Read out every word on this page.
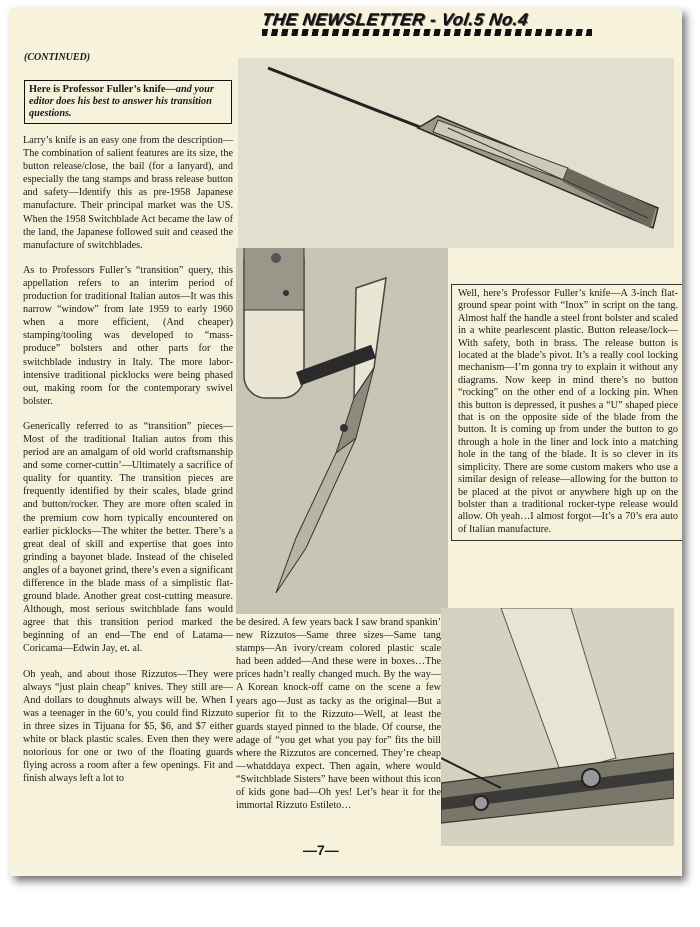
THE NEWSLETTER - Vol.5 No.4
(CONTINUED)
Here is Professor Fuller’s knife—and your editor does his best to answer his transition questions.

Larry’s knife is an easy one from the description—The combination of salient features are its size, the button release/close, the bail (for a lanyard), and especially the tang stamps and brass release button and safety—Identify this as pre-1958 Japanese manufacture. Their principal market was the US. When the 1958 Switchblade Act became the law of the land, the Japanese followed suit and ceased the manufacture of switchblades.

As to Professors Fuller’s “transition” query, this appellation refers to an interim period of production for traditional Italian autos—It was this narrow “window” from late 1959 to early 1960 when a more efficient, (And cheaper) stamping/tooling was developed to “mass-produce” bolsters and other parts for the switchblade industry in Italy. The more labor-intensive traditional picklocks were being phased out, making room for the contemporary swivel bolster.

Generically referred to as “transition” pieces—Most of the traditional Italian autos from this period are an amalgam of old world craftsmanship and some corner-cuttin’—Ultimately a sacrifice of quality for quantity. The transition pieces are frequently identified by their scales, blade grind and button/rocker. They are more often scaled in the premium cow horn typically encountered on earlier picklocks—The whiter the better. There’s a great deal of skill and expertise that goes into grinding a bayonet blade. Instead of the chiseled angles of a bayonet grind, there’s even a significant difference in the blade mass of a simplistic flat-ground blade. Another great cost-cutting measure. Although, most serious switchblade fans would agree that this transition period marked the beginning of an end—The end of Latama—Coricama—Edwin Jay, et. al.

Oh yeah, and about those Rizzutos—They were always “just plain cheap” knives. They still are—And dollars to doughnuts always will be. When I was a teenager in the 60’s, you could find Rizzuto in three sizes in Tijuana for $5, $6, and $7 either white or black plastic scales. Even then they were notorious for one or two of the floating guards flying across a room after a few openings. Fit and finish always left a lot to

Well, here’s Professor Fuller’s knife—A 3-inch flat-ground spear point with “Inox” in script on the tang. Almost half the handle a steel front bolster and scaled in a white pearlescent plastic. Button release/lock—With safety, both in brass. The release button is located at the blade’s pivot. It’s a really cool locking mechanism—I’m gonna try to explain it without any diagrams. Now keep in mind there’s no button “rocking” on the other end of a locking pin. When this button is depressed, it pushes a “U” shaped piece that is on the opposite side of the blade from the button. It is coming up from under the button to go through a hole in the liner and lock into a matching hole in the tang of the blade. It is so clever in its simplicity. There are some custom makers who use a similar design of release—allowing for the button to be placed at the pivot or anywhere high up on the bolster than a traditional rocker-type release would allow. Oh yeah…I almost forgot—It’s a 70’s era auto of Italian manufacture.

be desired. A few years back I saw brand spankin’ new Rizzutos—Same three sizes—Same tang stamps—An ivory/cream colored plastic scale had been added—And these were in boxes…The prices hadn’t really changed much. By the way—A Korean knock-off came on the scene a few years ago—Just as tacky as the original—But a superior fit to the Rizzuto—Well, at least the guards stayed pinned to the blade. Of course, the adage of “you get what you pay for” fits the bill where the Rizzutos are concerned. They’re cheap—whatddaya expect. Then again, where would “Switchblade Sisters” have been without this icon of kids gone bad—Oh yes! Let’s hear it for the immortal Rizzuto Estileto…

—7—
